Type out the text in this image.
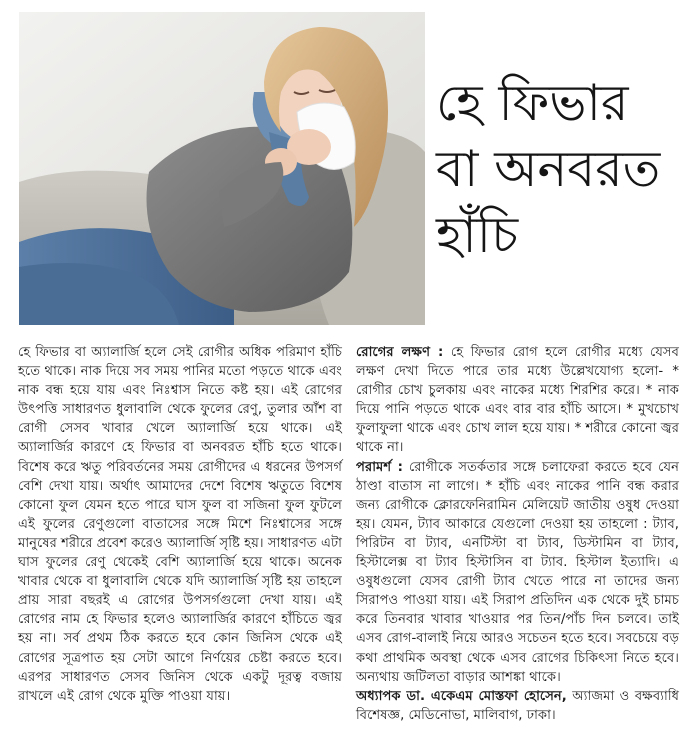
হে ফিভার
বা অনবরত
হাঁচি

হে ফিভার বা অ্যালার্জি হলে সেই রোগীর অধিক পরিমাণ হাঁচি হতে থাকে। নাক দিয়ে সব সময় পানির মতো পড়তে থাকে এবং নাক বন্ধ হয়ে যায় এবং নিঃশ্বাস নিতে কষ্ট হয়। এই রোগের উৎপত্তি সাধারণত ধুলাবালি থেকে ফুলের রেণু, তুলার আঁশ বা রোগী সেসব খাবার খেলে অ্যালার্জি হয়ে থাকে। এই অ্যালার্জির কারণে হে ফিভার বা অনবরত হাঁচি হতে থাকে। বিশেষ করে ঋতু পরিবর্তনের সময় রোগীদের এ ধরনের উপসর্গ বেশি দেখা যায়। অর্থাৎ আমাদের দেশে বিশেষ ঋতুতে বিশেষ কোনো ফুল যেমন হতে পারে ঘাস ফুল বা সজিনা ফুল ফুটলে এই ফুলের রেণুগুলো বাতাসের সঙ্গে মিশে নিঃশ্বাসের সঙ্গে মানুষের শরীরে প্রবেশ করেও অ্যালার্জি সৃষ্টি হয়। সাধারণত এটা ঘাস ফুলের রেণু থেকেই বেশি অ্যালার্জি হয়ে থাকে। অনেক খাবার থেকে বা ধুলাবালি থেকে যদি অ্যালার্জি সৃষ্টি হয় তাহলে প্রায় সারা বছরই এ রোগের উপসর্গগুলো দেখা যায়। এই রোগের নাম হে ফিভার হলেও অ্যালার্জির কারণে হাঁচিতে জ্বর হয় না। সর্ব প্রথম ঠিক করতে হবে কোন জিনিস থেকে এই রোগের সূত্রপাত হয় সেটা আগে নির্ণয়ের চেষ্টা করতে হবে। এরপর সাধারণত সেসব জিনিস থেকে একটু দূরত্ব বজায় রাখলে এই রোগ থেকে মুক্তি পাওয়া যায়।

রোগের লক্ষণ : হে ফিভার রোগ হলে রোগীর মধ্যে যেসব লক্ষণ দেখা দিতে পারে তার মধ্যে উল্লেখযোগ্য হলো- * রোগীর চোখ চুলকায় এবং নাকের মধ্যে শিরশির করে। * নাক দিয়ে পানি পড়তে থাকে এবং বার বার হাঁচি আসে। * মুখচোখ ফুলাফুলা থাকে এবং চোখ লাল হয়ে যায়। * শরীরে কোনো জ্বর থাকে না।

পরামর্শ : রোগীকে সতর্কতার সঙ্গে চলাফেরা করতে হবে যেন ঠাণ্ডা বাতাস না লাগে। * হাঁচি এবং নাকের পানি বন্ধ করার জন্য রোগীকে ক্লোরফেনিরামিন মেলিয়েট জাতীয় ওষুধ দেওয়া হয়। যেমন, ট্যাব আকারে যেগুলো দেওয়া হয় তাহলো : ট্যাব, পিরিটন বা ট্যাব, এনটিস্টা বা ট্যাব, ডিস্টামিন বা ট্যাব, হিস্টালেক্স বা ট্যাব হিস্টাসিন বা ট্যাব. হিস্টাল ইত্যাদি। এ ওষুধগুলো যেসব রোগী ট্যাব খেতে পারে না তাদের জন্য সিরাপও পাওয়া যায়। এই সিরাপ প্রতিদিন এক থেকে দুই চামচ করে তিনবার খাবার খাওয়ার পর তিন/পাঁচ দিন চলবে। তাই এসব রোগ-বালাই নিয়ে আরও সচেতন হতে হবে। সবচেয়ে বড় কথা প্রাথমিক অবস্থা থেকে এসব রোগের চিকিৎসা নিতে হবে। অন্যথায় জটিলতা বাড়ার আশঙ্কা থাকে।

অধ্যাপক ডা. একেএম মোস্তফা হোসেন, অ্যাজমা ও বক্ষব্যাধি বিশেষজ্ঞ, মেডিনোভা, মালিবাগ, ঢাকা।
